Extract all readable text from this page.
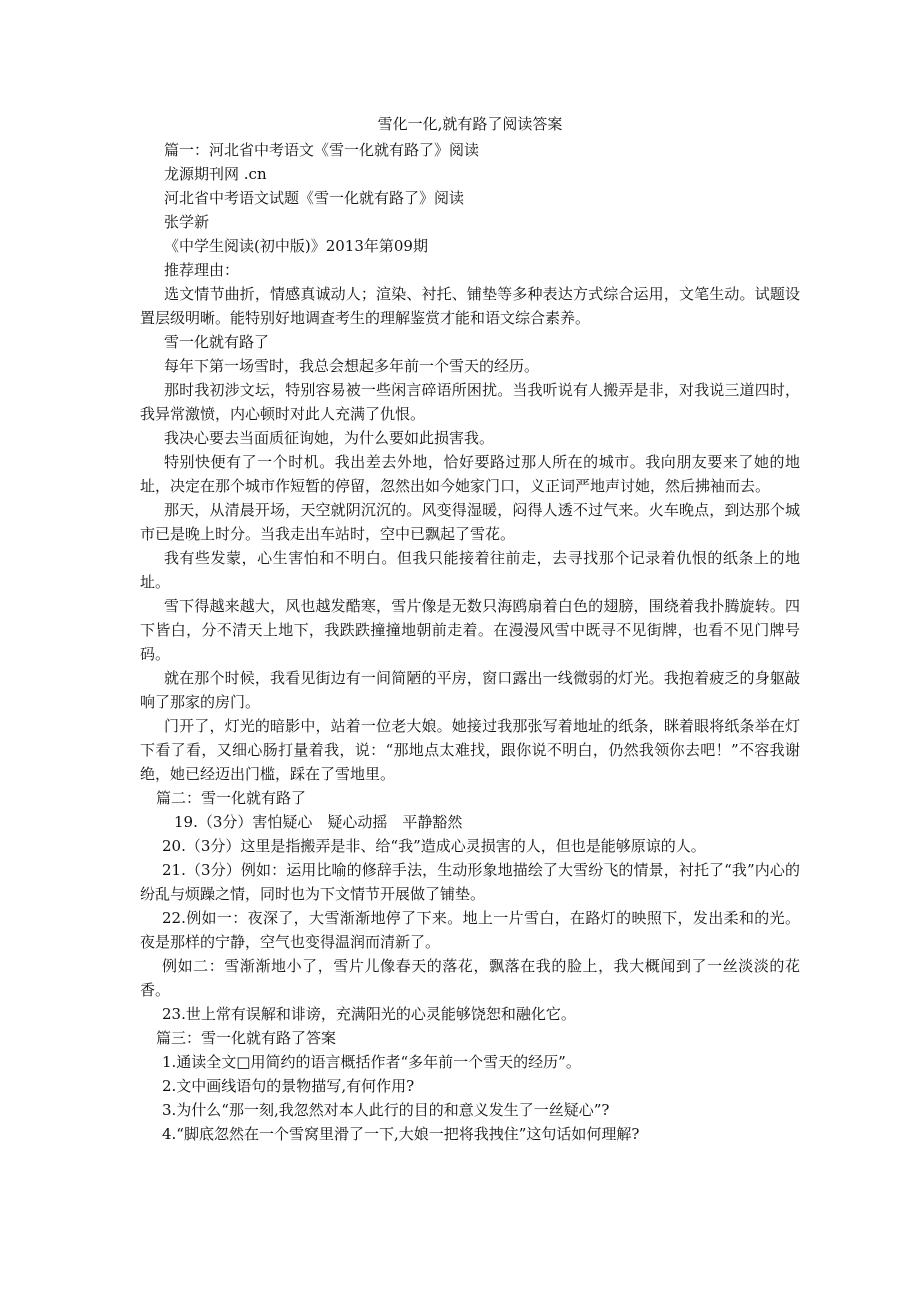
雪化一化,就有路了阅读答案

篇一：河北省中考语文《雪一化就有路了》阅读

龙源期刊网 .cn

河北省中考语文试题《雪一化就有路了》阅读

张学新

《中学生阅读(初中版)》2013年第09期

推荐理由：

选文情节曲折，情感真诚动人；渲染、衬托、铺垫等多种表达方式综合运用，文笔生动。试题设置层级明晰。能特别好地调查考生的理解鉴赏才能和语文综合素养。

雪一化就有路了

每年下第一场雪时，我总会想起多年前一个雪天的经历。

那时我初涉文坛，特别容易被一些闲言碎语所困扰。当我听说有人搬弄是非，对我说三道四时，我异常激愤，内心顿时对此人充满了仇恨。

我决心要去当面质征询她，为什么要如此损害我。

特别快便有了一个时机。我出差去外地，恰好要路过那人所在的城市。我向朋友要来了她的地址，决定在那个城市作短暂的停留，忽然出如今她家门口，义正词严地声讨她，然后拂袖而去。

那天，从清晨开场，天空就阴沉沉的。风变得湿暖，闷得人透不过气来。火车晚点，到达那个城市已是晚上时分。当我走出车站时，空中已飘起了雪花。

我有些发蒙，心生害怕和不明白。但我只能接着往前走，去寻找那个记录着仇恨的纸条上的地址。

雪下得越来越大，风也越发酷寒，雪片像是无数只海鸥扇着白色的翅膀，围绕着我扑腾旋转。四下皆白，分不清天上地下，我跌跌撞撞地朝前走着。在漫漫风雪中既寻不见街牌，也看不见门牌号码。

就在那个时候，我看见街边有一间简陋的平房，窗口露出一线微弱的灯光。我抱着疲乏的身躯敲响了那家的房门。

门开了，灯光的暗影中，站着一位老大娘。她接过我那张写着地址的纸条，眯着眼将纸条举在灯下看了看，又细心肠打量着我，说：“那地点太难找，跟你说不明白，仍然我领你去吧！”不容我谢绝，她已经迈出门槛，踩在了雪地里。

篇二：雪一化就有路了

19.（3分）害怕疑心　疑心动摇　平静豁然

20.（3分）这里是指搬弄是非、给“我”造成心灵损害的人，但也是能够原谅的人。

21.（3分）例如：运用比喻的修辞手法，生动形象地描绘了大雪纷飞的情景，衬托了“我”内心的纷乱与烦躁之情，同时也为下文情节开展做了铺垫。

22.例如一：夜深了，大雪渐渐地停了下来。地上一片雪白，在路灯的映照下，发出柔和的光。夜是那样的宁静，空气也变得温润而清新了。

例如二：雪渐渐地小了，雪片儿像春天的落花，飘落在我的脸上，我大概闻到了一丝淡淡的花香。

23.世上常有误解和诽谤，充满阳光的心灵能够饶恕和融化它。

篇三：雪一化就有路了答案

1.通读全文□用简约的语言概括作者“多年前一个雪天的经历”。

2.文中画线语句的景物描写,有何作用?

3.为什么“那一刻,我忽然对本人此行的目的和意义发生了一丝疑心”?

4.“脚底忽然在一个雪窝里滑了一下,大娘一把将我拽住”这句话如何理解?
